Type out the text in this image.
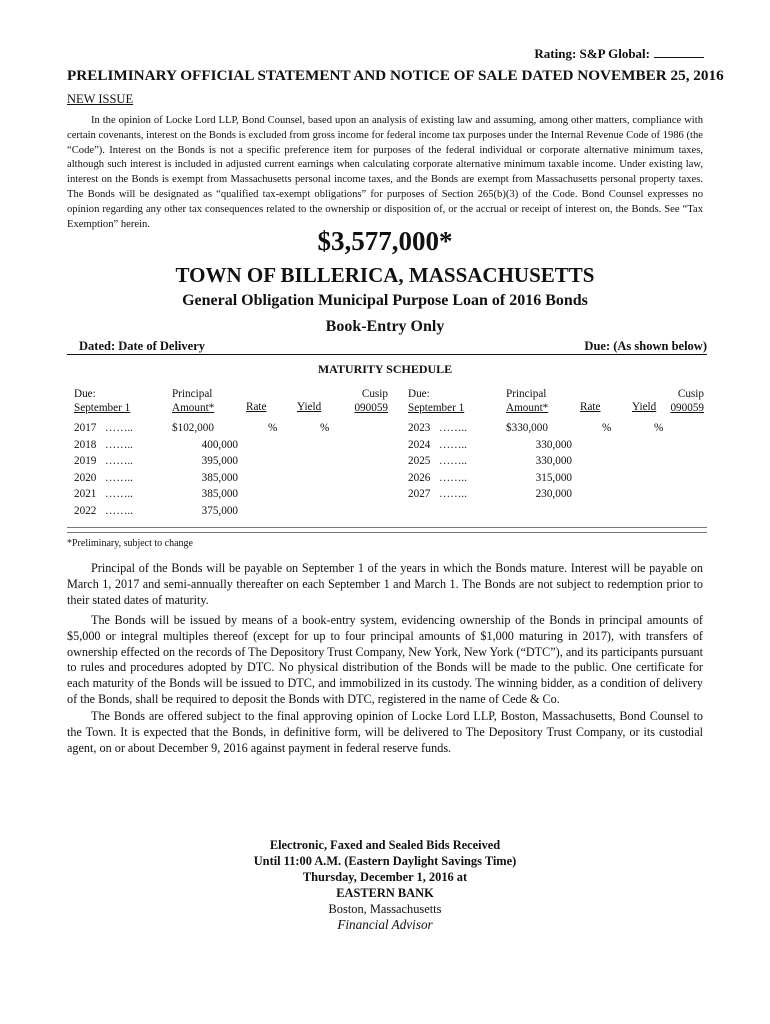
Rating: S&P Global:
PRELIMINARY OFFICIAL STATEMENT AND NOTICE OF SALE DATED NOVEMBER 25, 2016
NEW ISSUE
In the opinion of Locke Lord LLP, Bond Counsel, based upon an analysis of existing law and assuming, among other matters, compliance with certain covenants, interest on the Bonds is excluded from gross income for federal income tax purposes under the Internal Revenue Code of 1986 (the “Code”). Interest on the Bonds is not a specific preference item for purposes of the federal individual or corporate alternative minimum taxes, although such interest is included in adjusted current earnings when calculating corporate alternative minimum taxable income. Under existing law, interest on the Bonds is exempt from Massachusetts personal income taxes, and the Bonds are exempt from Massachusetts personal property taxes. The Bonds will be designated as “qualified tax-exempt obligations” for purposes of Section 265(b)(3) of the Code. Bond Counsel expresses no opinion regarding any other tax consequences related to the ownership or disposition of, or the accrual or receipt of interest on, the Bonds. See “Tax Exemption” herein.
$3,577,000*
TOWN OF BILLERICA, MASSACHUSETTS
General Obligation Municipal Purpose Loan of 2016 Bonds
Book-Entry Only
Dated: Date of Delivery	Due: (As shown below)
MATURITY SCHEDULE
Due:
September 1
Principal
Amount*	Rate	Yield
Cusip
090059
Due:
September 1
Principal
Amount*	Rate	Yield
Cusip
090059
2017 ……..	$102,000	%	%
2018 ……..	400,000
2019 ……..	395,000
2020 ……..	385,000
2021 ……..	385,000
2022 ……..	375,000
2023 ……..	$330,000	%	%
2024 ……..	330,000
2025 ……..	330,000
2026 ……..	315,000
2027 ……..	230,000
*Preliminary, subject to change
Principal of the Bonds will be payable on September 1 of the years in which the Bonds mature. Interest will be payable on March 1, 2017 and semi-annually thereafter on each September 1 and March 1. The Bonds are not subject to redemption prior to their stated dates of maturity.
The Bonds will be issued by means of a book-entry system, evidencing ownership of the Bonds in principal amounts of $5,000 or integral multiples thereof (except for up to four principal amounts of $1,000 maturing in 2017), with transfers of ownership effected on the records of The Depository Trust Company, New York, New York (“DTC”), and its participants pursuant to rules and procedures adopted by DTC. No physical distribution of the Bonds will be made to the public. One certificate for each maturity of the Bonds will be issued to DTC, and immobilized in its custody. The winning bidder, as a condition of delivery of the Bonds, shall be required to deposit the Bonds with DTC, registered in the name of Cede & Co.
The Bonds are offered subject to the final approving opinion of Locke Lord LLP, Boston, Massachusetts, Bond Counsel to the Town. It is expected that the Bonds, in definitive form, will be delivered to The Depository Trust Company, or its custodial agent, on or about December 9, 2016 against payment in federal reserve funds.
Electronic, Faxed and Sealed Bids Received
Until 11:00 A.M. (Eastern Daylight Savings Time)
Thursday, December 1, 2016 at
EASTERN BANK
Boston, Massachusetts
Financial Advisor
